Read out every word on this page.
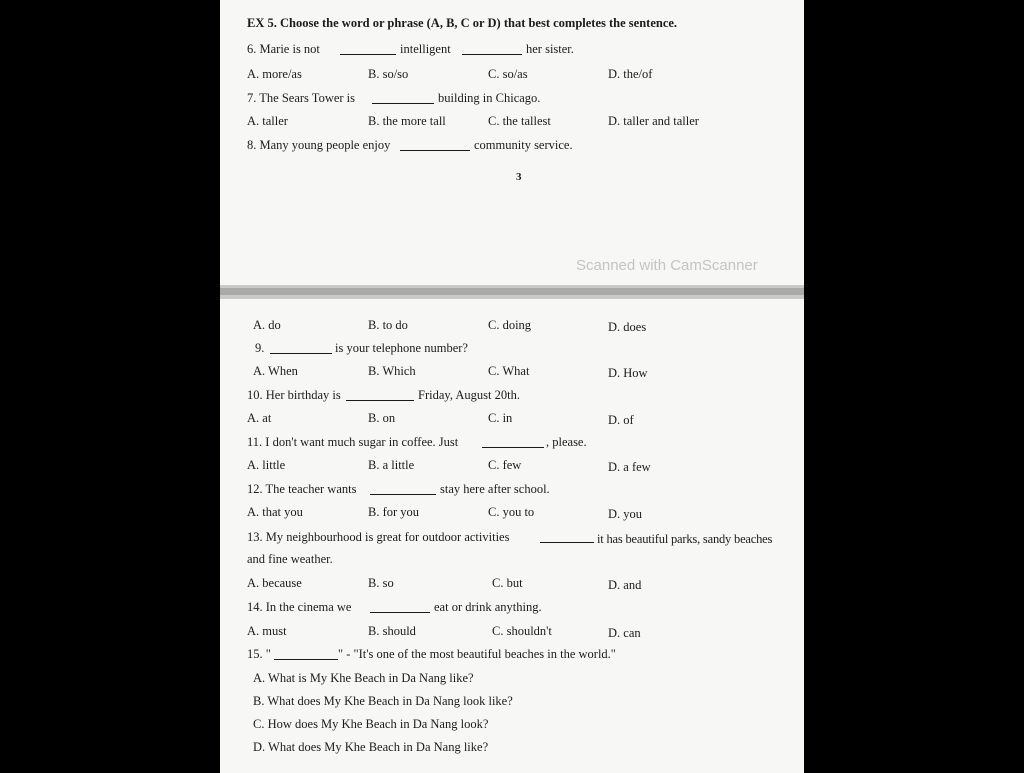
EX 5. Choose the word or phrase (A, B, C or D) that best completes the sentence.
6. Marie is not	intelligent	her sister.
A. more/as	B. so/so	C. so/as	D. the/of
7. The Sears Tower is	building in Chicago.
A. taller	B. the more tall	C. the tallest	D. taller and taller
8. Many young people enjoy	community service.
3
Scanned with CamScanner
A. do	B. to do	C. doing	D. does
9.	is your telephone number?
A. When	B. Which	C. What	D. How
10. Her birthday is	Friday, August 20th.
A. at	B. on	C. in	D. of
11. I don't want much sugar in coffee. Just	, please.
A. little	B. a little	C. few	D. a few
12. The teacher wants	stay here after school.
A. that you	B. for you	C. you to	D. you
13. My neighbourhood is great for outdoor activities	it has beautiful parks, sandy beaches
and fine weather.
A. because	B. so	C. but	D. and
14. In the cinema we	eat or drink anything.
A. must	B. should	C. shouldn't	D. can
15. "	" - "It's one of the most beautiful beaches in the world."
A. What is My Khe Beach in Da Nang like?
B. What does My Khe Beach in Da Nang look like?
C. How does My Khe Beach in Da Nang look?
D. What does My Khe Beach in Da Nang like?
